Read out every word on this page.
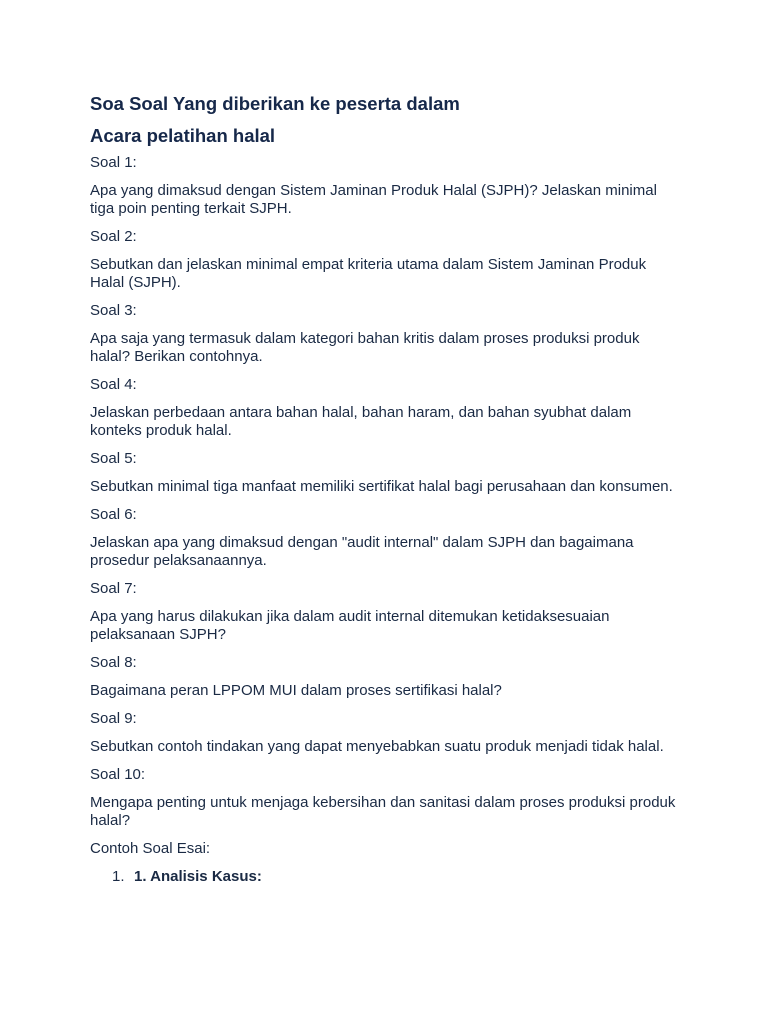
Soa Soal Yang diberikan ke peserta dalam
Acara pelatihan halal

Soal 1:

Apa yang dimaksud dengan Sistem Jaminan Produk Halal (SJPH)? Jelaskan minimal tiga poin penting terkait SJPH.

Soal 2:

Sebutkan dan jelaskan minimal empat kriteria utama dalam Sistem Jaminan Produk Halal (SJPH).

Soal 3:

Apa saja yang termasuk dalam kategori bahan kritis dalam proses produksi produk halal? Berikan contohnya.

Soal 4:

Jelaskan perbedaan antara bahan halal, bahan haram, dan bahan syubhat dalam konteks produk halal.

Soal 5:

Sebutkan minimal tiga manfaat memiliki sertifikat halal bagi perusahaan dan konsumen.

Soal 6:

Jelaskan apa yang dimaksud dengan "audit internal" dalam SJPH dan bagaimana prosedur pelaksanaannya.

Soal 7:

Apa yang harus dilakukan jika dalam audit internal ditemukan ketidaksesuaian pelaksanaan SJPH?

Soal 8:

Bagaimana peran LPPOM MUI dalam proses sertifikasi halal?

Soal 9:

Sebutkan contoh tindakan yang dapat menyebabkan suatu produk menjadi tidak halal.

Soal 10:

Mengapa penting untuk menjaga kebersihan dan sanitasi dalam proses produksi produk halal?

Contoh Soal Esai:

1. 1. Analisis Kasus:
